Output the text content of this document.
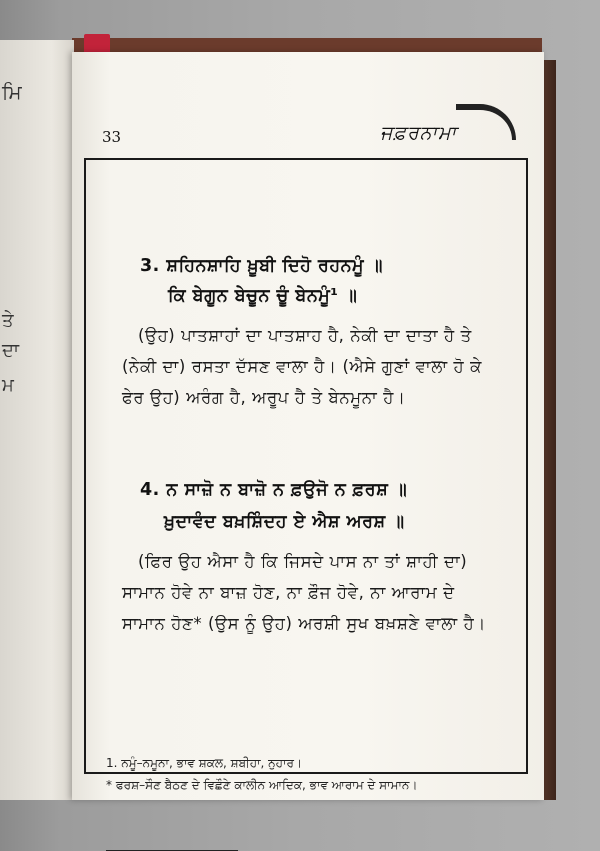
ਮਿ
ਤੇ
ਦਾ
ਮ
33	ਜਫ਼ਰਨਾਮਾ
3. ਸ਼ਹਿਨਸ਼ਾਹਿ ਖ਼ੂਬੀ ਦਿਹੋ ਰਹਨਮੂੰ ॥
ਕਿ ਬੇਗੂਨ ਬੇਚੂਨ ਚੂੰ ਬੇਨਮੂੰ¹ ॥
(ਉਹ) ਪਾਤਸ਼ਾਹਾਂ ਦਾ ਪਾਤਸ਼ਾਹ ਹੈ, ਨੇਕੀ ਦਾ ਦਾਤਾ ਹੈ ਤੇ
(ਨੇਕੀ ਦਾ) ਰਸਤਾ ਦੱਸਣ ਵਾਲਾ ਹੈ। (ਐਸੇ ਗੁਣਾਂ ਵਾਲਾ ਹੋ ਕੇ
ਫੇਰ ਉਹ) ਅਰੰਗ ਹੈ, ਅਰੂਪ ਹੈ ਤੇ ਬੇਨਮੂਨਾ ਹੈ।
4. ਨ ਸਾਜ਼ੋ ਨ ਬਾਜ਼ੋ ਨ ਫ਼ਉਜੋ ਨ ਫ਼ਰਸ਼ ॥
ਖ਼ੁਦਾਵੰਦ ਬਖ਼ਸ਼ਿੰਦਹ ਏ ਐਸ਼ ਅਰਸ਼ ॥
(ਫਿਰ ਉਹ ਐਸਾ ਹੈ ਕਿ ਜਿਸਦੇ ਪਾਸ ਨਾ ਤਾਂ ਸ਼ਾਹੀ ਦਾ)
ਸਾਮਾਨ ਹੋਵੇ ਨਾ ਬਾਜ਼ ਹੋਣ, ਨਾ ਫ਼ੌਜ ਹੋਵੇ, ਨਾ ਆਰਾਮ ਦੇ
ਸਾਮਾਨ ਹੋਣ* (ਉਸ ਨੂੰ ਉਹ) ਅਰਸ਼ੀ ਸੁਖ ਬਖ਼ਸ਼ਣੇ ਵਾਲਾ ਹੈ।
1. ਨਮੂੰ–ਨਮੂਨਾ, ਭਾਵ ਸ਼ਕਲ, ਸ਼ਬੀਹਾ, ਨੁਹਾਰ।
* ਫਰਸ਼–ਸੌਣ ਬੈਠਣ ਦੇ ਵਿਛੌਣੇ ਕਾਲੀਨ ਆਦਿਕ, ਭਾਵ ਆਰਾਮ ਦੇ ਸਾਮਾਨ।
